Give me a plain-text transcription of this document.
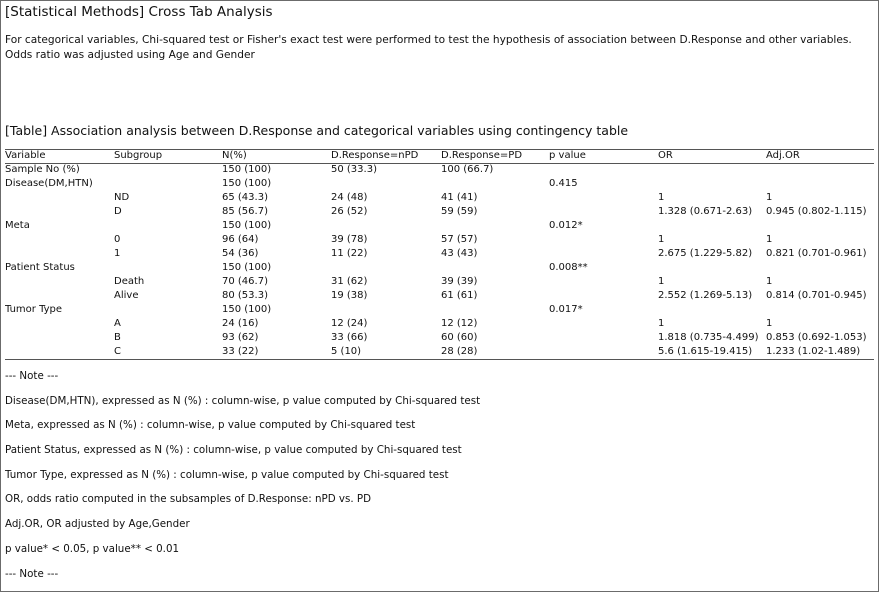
[Statistical Methods] Cross Tab Analysis
For categorical variables, Chi-squared test or Fisher's exact test were performed to test the hypothesis of association between D.Response and other variables. Odds ratio was adjusted using Age and Gender
[Table] Association analysis between D.Response and categorical variables using contingency table
Variable	Subgroup	N(%)	D.Response=nPD	D.Response=PD	p value	OR	Adj.OR
Sample No (%)		150 (100)	50 (33.3)	100 (66.7)			
Disease(DM,HTN)		150 (100)			0.415		
	ND	65 (43.3)	24 (48)	41 (41)		1	1
	D	85 (56.7)	26 (52)	59 (59)		1.328 (0.671-2.63)	0.945 (0.802-1.115)
Meta		150 (100)			0.012*		
	0	96 (64)	39 (78)	57 (57)		1	1
	1	54 (36)	11 (22)	43 (43)		2.675 (1.229-5.82)	0.821 (0.701-0.961)
Patient Status		150 (100)			0.008**		
	Death	70 (46.7)	31 (62)	39 (39)		1	1
	Alive	80 (53.3)	19 (38)	61 (61)		2.552 (1.269-5.13)	0.814 (0.701-0.945)
Tumor Type		150 (100)			0.017*		
	A	24 (16)	12 (24)	12 (12)		1	1
	B	93 (62)	33 (66)	60 (60)		1.818 (0.735-4.499)	0.853 (0.692-1.053)
	C	33 (22)	5 (10)	28 (28)		5.6 (1.615-19.415)	1.233 (1.02-1.489)
--- Note ---
Disease(DM,HTN), expressed as N (%) : column-wise, p value computed by Chi-squared test
Meta, expressed as N (%) : column-wise, p value computed by Chi-squared test
Patient Status, expressed as N (%) : column-wise, p value computed by Chi-squared test
Tumor Type, expressed as N (%) : column-wise, p value computed by Chi-squared test
OR, odds ratio computed in the subsamples of D.Response: nPD vs. PD
Adj.OR, OR adjusted by Age,Gender
p value* < 0.05, p value** < 0.01
--- Note ---
